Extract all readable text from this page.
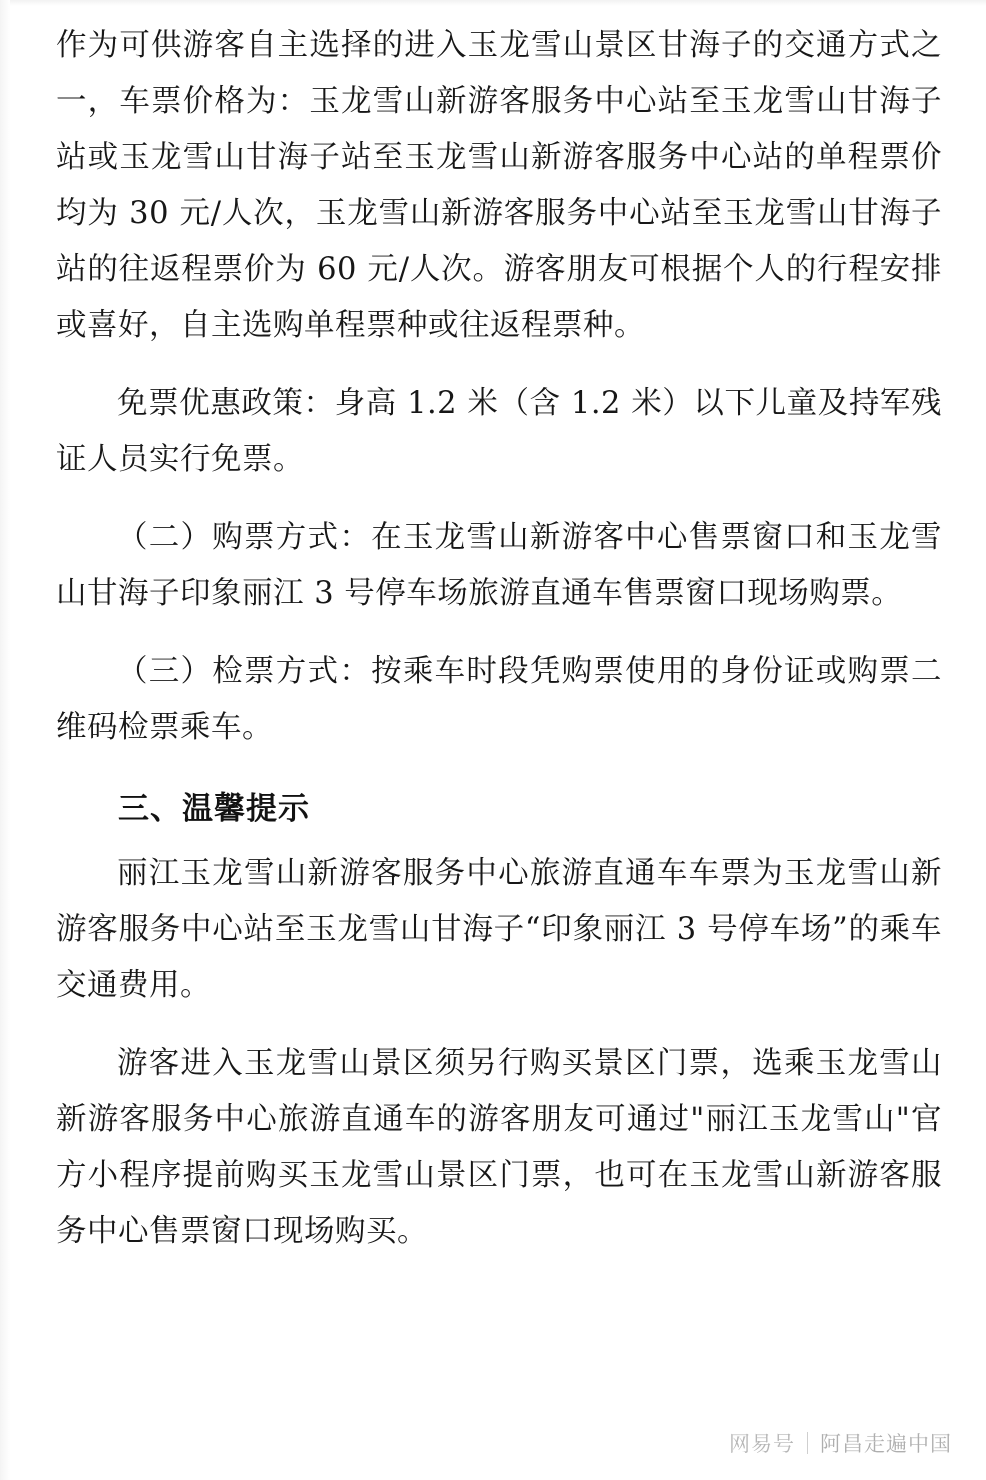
作为可供游客自主选择的进入玉龙雪山景区甘海子的交通方式之一，车票价格为：玉龙雪山新游客服务中心站至玉龙雪山甘海子站或玉龙雪山甘海子站至玉龙雪山新游客服务中心站的单程票价均为 30 元/人次，玉龙雪山新游客服务中心站至玉龙雪山甘海子站的往返程票价为 60 元/人次。游客朋友可根据个人的行程安排或喜好，自主选购单程票种或往返程票种。

免票优惠政策：身高 1.2 米（含 1.2 米）以下儿童及持军残证人员实行免票。

（二）购票方式：在玉龙雪山新游客中心售票窗口和玉龙雪山甘海子印象丽江 3 号停车场旅游直通车售票窗口现场购票。

（三）检票方式：按乘车时段凭购票使用的身份证或购票二维码检票乘车。

三、温馨提示

丽江玉龙雪山新游客服务中心旅游直通车车票为玉龙雪山新游客服务中心站至玉龙雪山甘海子“印象丽江 3 号停车场”的乘车交通费用。

游客进入玉龙雪山景区须另行购买景区门票，选乘玉龙雪山新游客服务中心旅游直通车的游客朋友可通过"丽江玉龙雪山"官方小程序提前购买玉龙雪山景区门票，也可在玉龙雪山新游客服务中心售票窗口现场购买。

网易号 阿昌走遍中国
